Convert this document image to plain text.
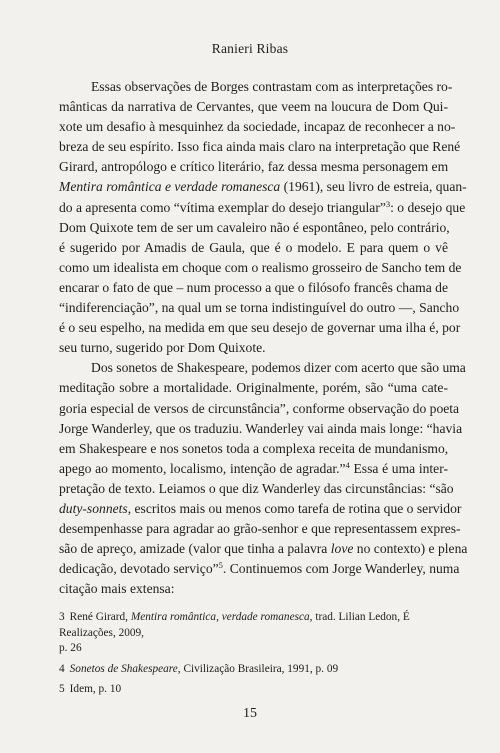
Ranieri Ribas
Essas observações de Borges contrastam com as interpretações ro-
mânticas da narrativa de Cervantes, que veem na loucura de Dom Qui-
xote um desafio à mesquinhez da sociedade, incapaz de reconhecer a no-
breza de seu espírito. Isso fica ainda mais claro na interpretação que René
Girard, antropólogo e crítico literário, faz dessa mesma personagem em
Mentira romântica e verdade romanesca (1961), seu livro de estreia, quan-
do a apresenta como “vítima exemplar do desejo triangular”$^3$: o desejo que
Dom Quixote tem de ser um cavaleiro não é espontâneo, pelo contrário,
é sugerido por Amadis de Gaula, que é o modelo. E para quem o vê
como um idealista em choque com o realismo grosseiro de Sancho tem de
encarar o fato de que – num processo a que o filósofo francês chama de
“indiferenciação”, na qual um se torna indistinguível do outro —, Sancho
é o seu espelho, na medida em que seu desejo de governar uma ilha é, por
seu turno, sugerido por Dom Quixote.
Dos sonetos de Shakespeare, podemos dizer com acerto que são uma
meditação sobre a mortalidade. Originalmente, porém, são “uma cate-
goria especial de versos de circunstância”, conforme observação do poeta
Jorge Wanderley, que os traduziu. Wanderley vai ainda mais longe: “havia
em Shakespeare e nos sonetos toda a complexa receita de mundanismo,
apego ao momento, localismo, intenção de agradar.”$^4$ Essa é uma inter-
pretação de texto. Leiamos o que diz Wanderley das circunstâncias: “são
duty-sonnets, escritos mais ou menos como tarefa de rotina que o servidor
desempenhasse para agradar ao grão-senhor e que representassem expres-
são de apreço, amizade (valor que tinha a palavra love no contexto) e plena
dedicação, devotado serviço”$^5$. Continuemos com Jorge Wanderley, numa
citação mais extensa:
3 René Girard, Mentira romântica, verdade romanesca, trad. Lilian Ledon, É Realizações, 2009,
p. 26
4 Sonetos de Shakespeare, Civilização Brasileira, 1991, p. 09
5 Idem, p. 10
15
